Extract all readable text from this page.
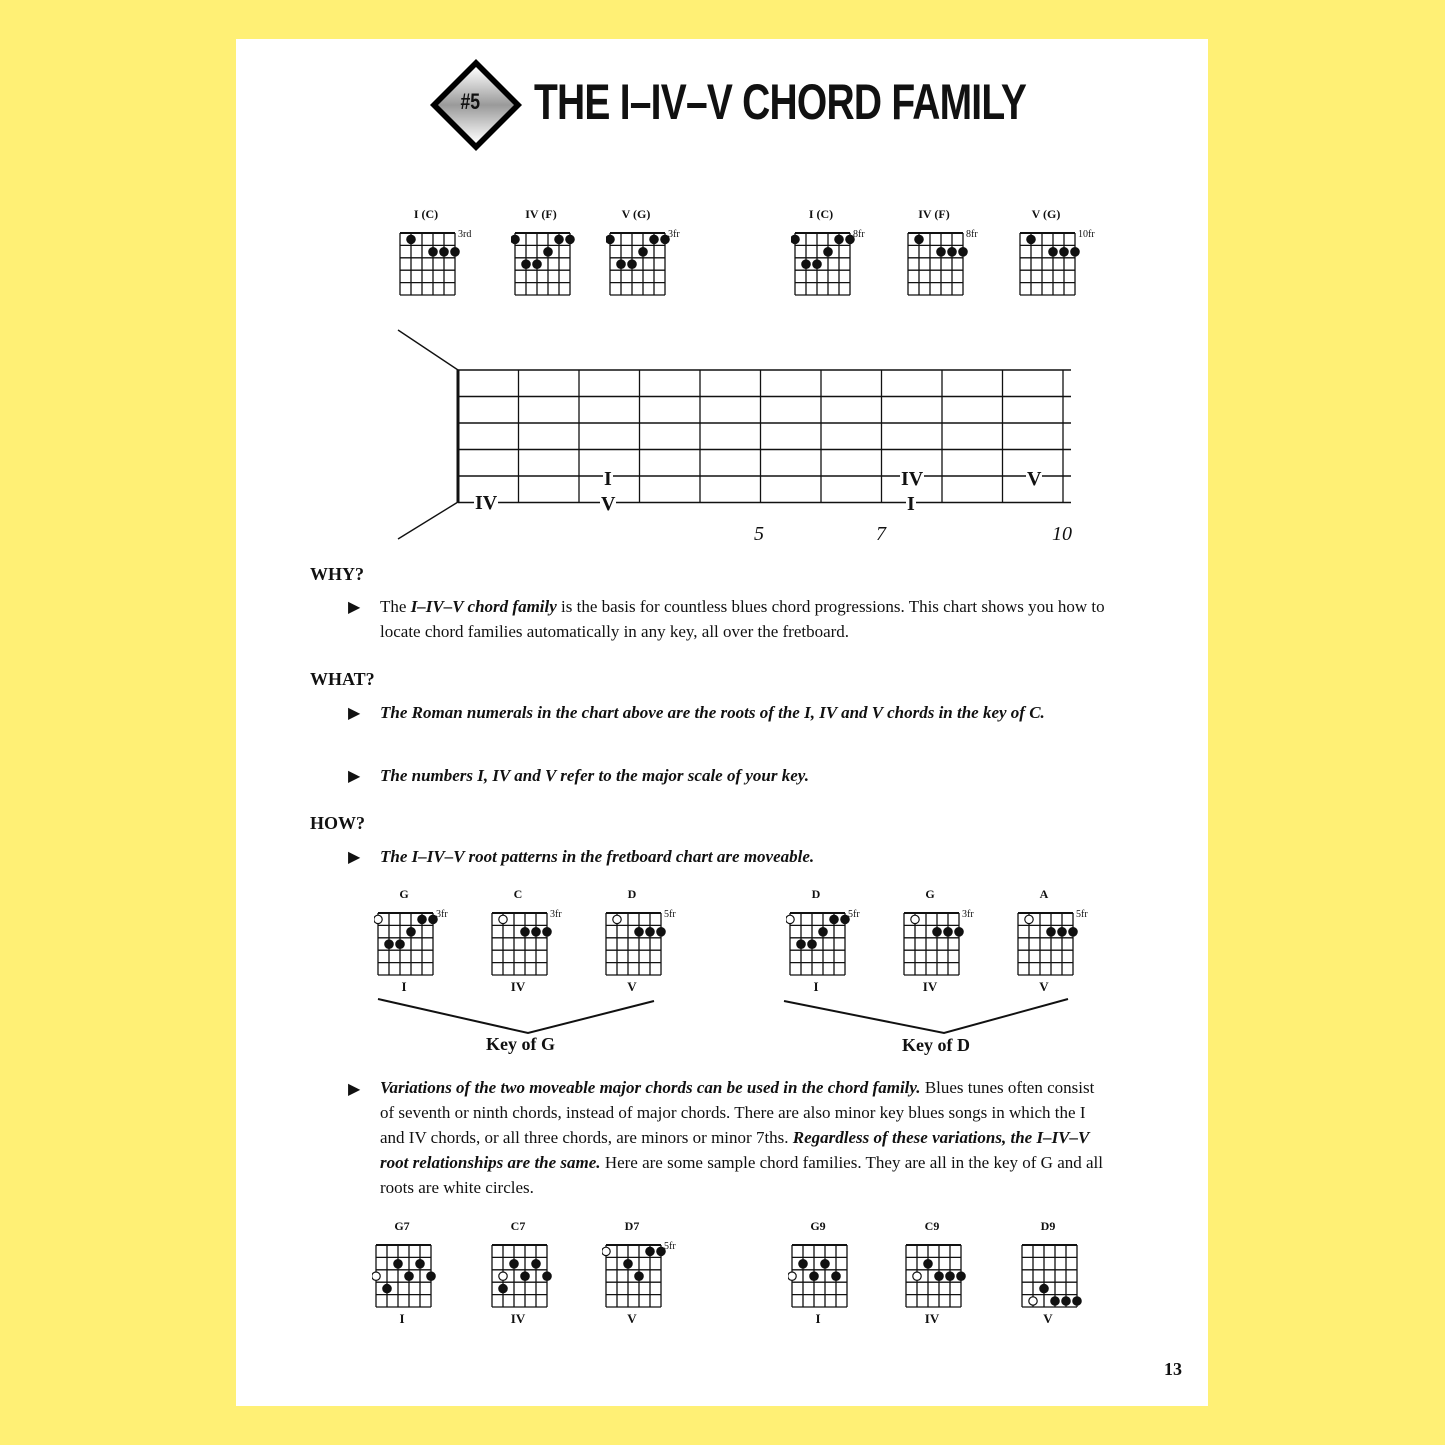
#5 THE I–IV–V CHORD FAMILY
I (C)
3rd
IV (F)	V (G)
3fr
I (C)
8fr
IV (F)
8fr
V (G)
10fr
5	7	10
IV
I
V
IV
I
V
WHY?
▶ The I–IV–V chord family is the basis for countless blues chord progressions. This chart shows you how to locate chord families automatically in any key, all over the fretboard.
WHAT?
▶ The Roman numerals in the chart above are the roots of the I, IV and V chords in the key of C.
▶ The numbers I, IV and V refer to the major scale of your key.
HOW?
▶ The I–IV–V root patterns in the fretboard chart are moveable.
G
3fr
I
C
3fr
IV
D
5fr
V
D
5fr
I
G
3fr
IV
A
5fr
V
Key of G	Key of D
▶ Variations of the two moveable major chords can be used in the chord family. Blues tunes often consist of seventh or ninth chords, instead of major chords. There are also minor key blues songs in which the I and IV chords, or all three chords, are minors or minor 7ths. Regardless of these variations, the I–IV–V root relationships are the same. Here are some sample chord families. They are all in the key of G and all roots are white circles.
G7
I
C7
IV
D7
5fr
V
G9
I
C9
IV
D9
V
13
